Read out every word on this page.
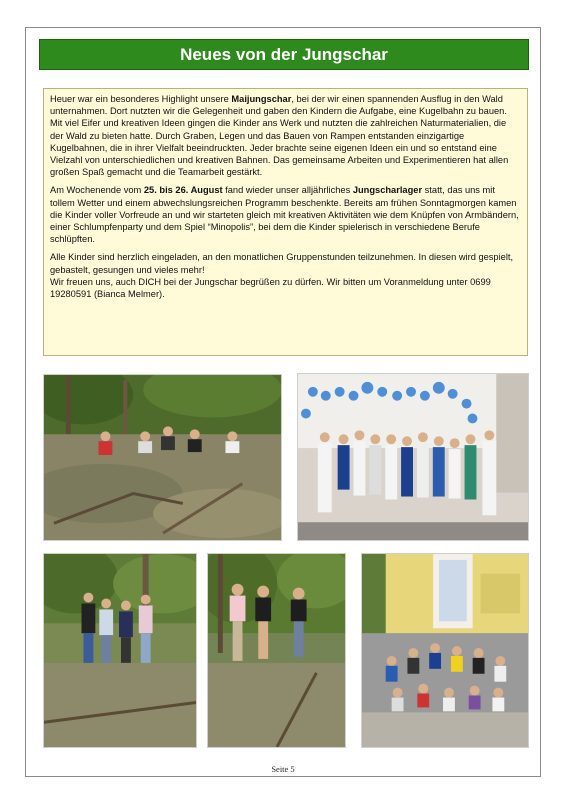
Neues von der Jungschar

Heuer war ein besonderes Highlight unsere Maijungschar, bei der wir einen spannenden Ausflug in den Wald unternahmen. Dort nutzten wir die Gelegenheit und gaben den Kindern die Aufgabe, eine Kugelbahn zu bauen. Mit viel Eifer und kreativen Ideen gingen die Kinder ans Werk und nutzten die zahlreichen Naturmaterialien, die der Wald zu bieten hatte. Durch Graben, Legen und das Bauen von Rampen entstanden einzigartige Kugelbahnen, die in ihrer Vielfalt beeindruckten. Jeder brachte seine eigenen Ideen ein und so entstand eine Vielzahl von unterschiedlichen und kreativen Bahnen. Das gemeinsame Arbeiten und Experimentieren hat allen großen Spaß gemacht und die Teamarbeit gestärkt.

Am Wochenende vom 25. bis 26. August fand wieder unser alljährliches Jungscharlager statt, das uns mit tollem Wetter und einem abwechslungsreichen Programm beschenkte. Bereits am frühen Sonntagmorgen kamen die Kinder voller Vorfreude an und wir starteten gleich mit kreativen Aktivitäten wie dem Knüpfen von Armbändern, einer Schlumpfenparty und dem Spiel “Minopolis”, bei dem die Kinder spielerisch in verschiedene Berufe schlüpften.

Alle Kinder sind herzlich eingeladen, an den monatlichen Gruppenstunden teilzunehmen. In diesen wird gespielt, gebastelt, gesungen und vieles mehr!
Wir freuen uns, auch DICH bei der Jungschar begrüßen zu dürfen. Wir bitten um Voranmeldung unter 0699 19280591 (Bianca Melmer).

Seite 5
